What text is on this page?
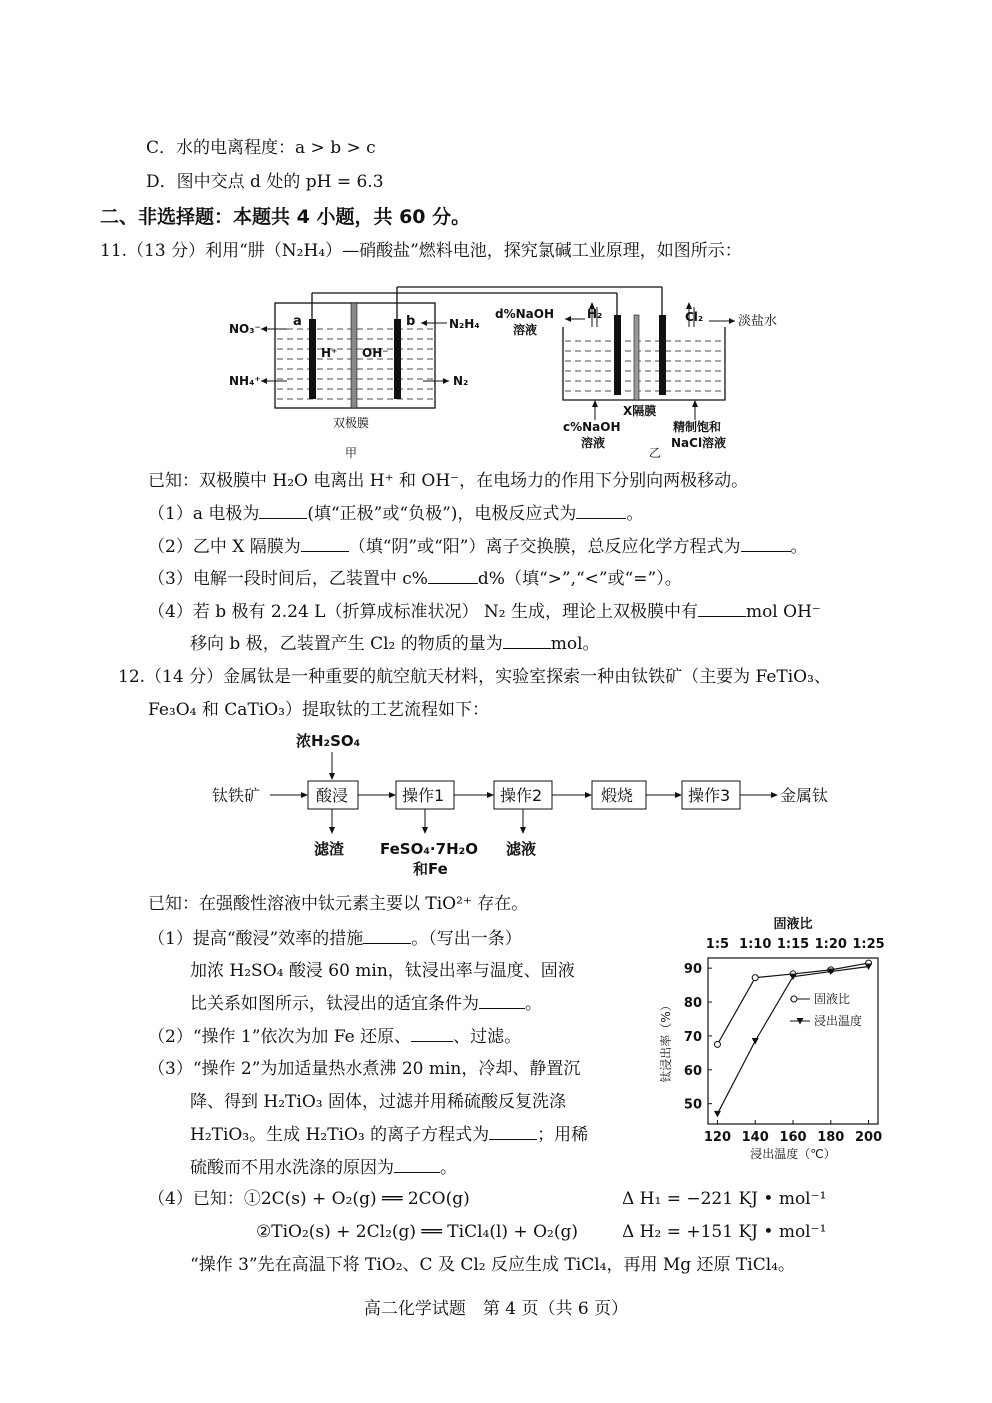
C．水的电离程度：a > b > c
D．图中交点 d 处的 pH = 6.3
二、非选择题：本题共 4 小题，共 60 分。
11.（13 分）利用“肼（N₂H₄）—硝酸盐”燃料电池，探究氯碱工业原理，如图所示：
a	b
NO₃⁻
NH₄⁺
N₂H₄
N₂
H⁺ OH⁻
双极膜
甲
d%NaOH
溶液
H₂	Cl₂	淡盐水
c%NaOH
溶液
X隔膜
精制饱和
NaCl溶液
乙
已知：双极膜中 H₂O 电离出 H⁺ 和 OH⁻，在电场力的作用下分别向两极移动。
（1）a 电极为	(填“正极”或“负极”)，电极反应式为	。
（2）乙中 X 隔膜为	（填“阴”或“阳”）离子交换膜，总反应化学方程式为	。
（3）电解一段时间后，乙装置中 c%	d%（填“>”,“<”或“=”）。
（4）若 b 极有 2.24 L（折算成标准状况） N₂ 生成，理论上双极膜中有	mol OH⁻
移向 b 极，乙装置产生 Cl₂ 的物质的量为	mol。
12.（14 分）金属钛是一种重要的航空航天材料，实验室探索一种由钛铁矿（主要为 FeTiO₃、
Fe₃O₄ 和 CaTiO₃）提取钛的工艺流程如下：
浓H₂SO₄
钛铁矿	酸浸	操作1	操作2	煅烧	操作3	金属钛
滤渣 FeSO₄·7H₂O
和Fe
滤液
已知：在强酸性溶液中钛元素主要以 TiO²⁺ 存在。
（1）提高“酸浸”效率的措施	。（写出一条）
加浓 H₂SO₄ 酸浸 60 min，钛浸出率与温度、固液
比关系如图所示，钛浸出的适宜条件为	。
（2）“操作 1”依次为加 Fe 还原、 、过滤。
（3）“操作 2”为加适量热水煮沸 20 min，冷却、静置沉
降、得到 H₂TiO₃ 固体，过滤并用稀硫酸反复洗涤
H₂TiO₃。生成 H₂TiO₃ 的离子方程式为	；用稀
硫酸而不用水洗涤的原因为	。
固液比
1:5 1:10 1:15 1:20 1:25
120 140 160 180 200
50
60
70
80
90
浸出温度（℃）
钛浸出率（%）
固液比
浸出温度
（4）已知：①2C(s) + O₂(g) ══ 2CO(g)	Δ H₁ = −221 KJ • mol⁻¹
②TiO₂(s) + 2Cl₂(g) ══ TiCl₄(l) + O₂(g)	Δ H₂ = +151 KJ • mol⁻¹
“操作 3”先在高温下将 TiO₂、C 及 Cl₂ 反应生成 TiCl₄，再用 Mg 还原 TiCl₄。
高二化学试题　第 4 页（共 6 页）
